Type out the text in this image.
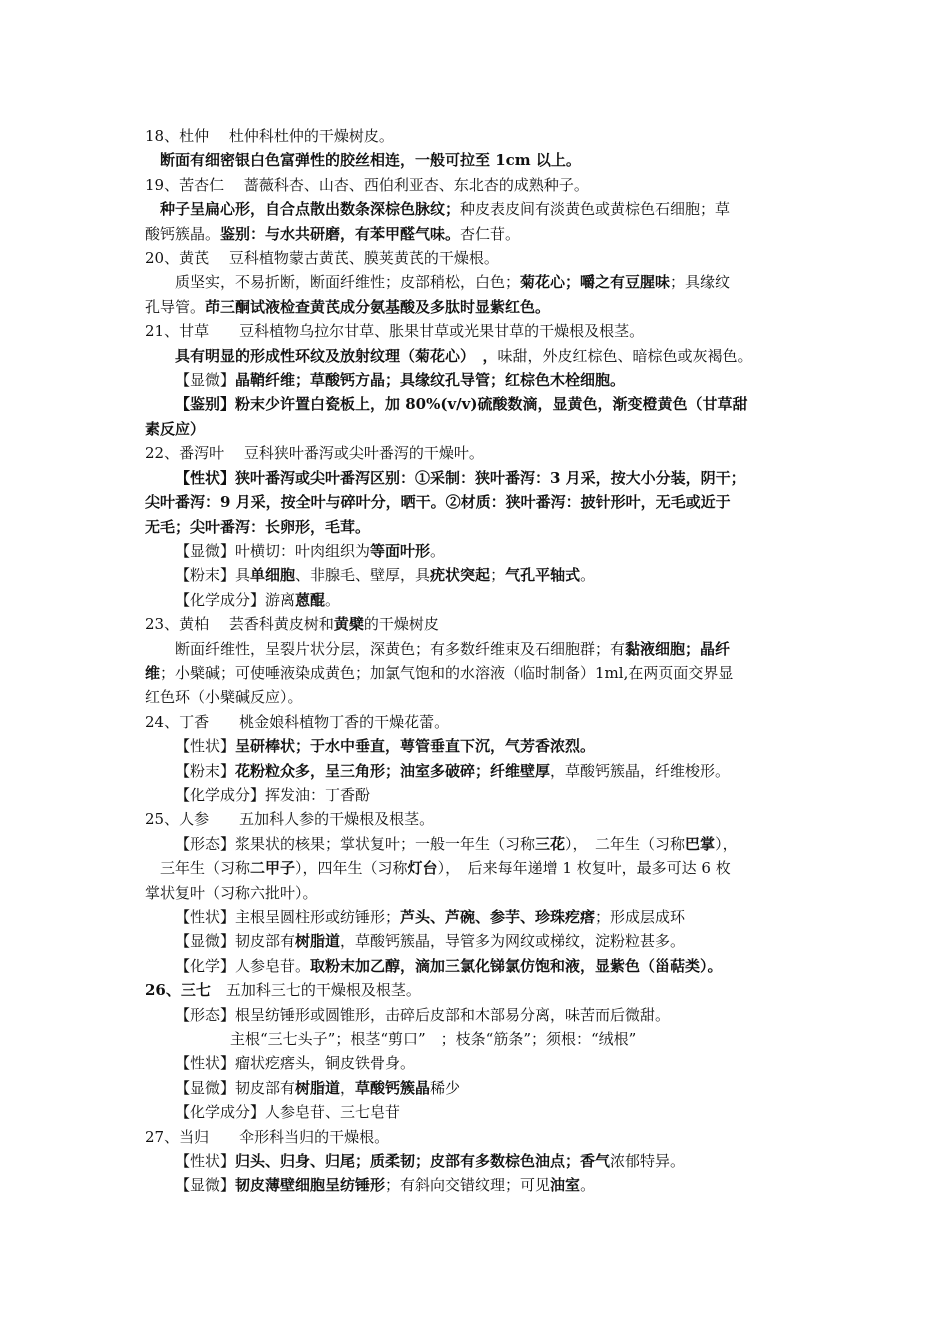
18、杜仲　 杜仲科杜仲的干燥树皮。
断面有细密银白色富弹性的胶丝相连，一般可拉至 1cm 以上。
19、苦杏仁　 蔷薇科杏、山杏、西伯利亚杏、东北杏的成熟种子。
种子呈扁心形，自合点散出数条深棕色脉纹；种皮表皮间有淡黄色或黄棕色石细胞；草
酸钙簇晶。鉴别：与水共研磨，有苯甲醛气味。杏仁苷。
20、黄芪　 豆科植物蒙古黄芪、膜荚黄芪的干燥根。
质坚实，不易折断，断面纤维性；皮部稍松，白色；菊花心；嚼之有豆腥味；具缘纹
孔导管。茚三酮试液检查黄芪成分氨基酸及多肽时显紫红色。
21、甘草　　豆科植物乌拉尔甘草、胀果甘草或光果甘草的干燥根及根茎。
具有明显的形成性环纹及放射纹理（菊花心）　，味甜，外皮红棕色、暗棕色或灰褐色。
【显微】晶鞘纤维；草酸钙方晶；具缘纹孔导管；红棕色木栓细胞。
【鉴别】粉末少许置白瓷板上，加 80%(v/v)硫酸数滴，显黄色，渐变橙黄色（甘草甜
素反应）
22、番泻叶　 豆科狭叶番泻或尖叶番泻的干燥叶。
【性状】狭叶番泻或尖叶番泻区别：①采制：狭叶番泻：3 月采，按大小分装，阴干；
尖叶番泻：9 月采，按全叶与碎叶分，晒干。②材质：狭叶番泻：披针形叶，无毛或近于
无毛；尖叶番泻：长卵形，毛茸。
【显微】叶横切：叶肉组织为等面叶形。
【粉末】具单细胞、非腺毛、壁厚，具疣状突起；气孔平轴式。
【化学成分】游离蒽醌。
23、黄柏　 芸香科黄皮树和黄檗的干燥树皮
断面纤维性，呈裂片状分层，深黄色；有多数纤维束及石细胞群；有黏液细胞；晶纤
维；小檗碱；可使唾液染成黄色；加氯气饱和的水溶液（临时制备）1ml,在两页面交界显
红色环（小檗碱反应）。
24、丁香　　桃金娘科植物丁香的干燥花蕾。
【性状】呈研棒状；于水中垂直，萼管垂直下沉，气芳香浓烈。
【粉末】花粉粒众多，呈三角形；油室多破碎；纤维壁厚，草酸钙簇晶，纤维梭形。
【化学成分】挥发油：丁香酚
25、人参　　五加科人参的干燥根及根茎。
【形态】浆果状的核果；掌状复叶；一般一年生（习称三花），　二年生（习称巴掌），
　三年生（习称二甲子），四年生（习称灯台），　后来每年递增 1 枚复叶，最多可达 6 枚
掌状复叶（习称六批叶）。
【性状】主根呈圆柱形或纺锤形；芦头、芦碗、参芋、珍珠疙瘩；形成层成环
【显微】韧皮部有树脂道，草酸钙簇晶，导管多为网纹或梯纹，淀粉粒甚多。
【化学】人参皂苷。取粉末加乙醇，滴加三氯化锑氯仿饱和液，显紫色（甾萜类）。
26、三七　五加科三七的干燥根及根茎。
【形态】根呈纺锤形或圆锥形，击碎后皮部和木部易分离，味苦而后微甜。
主根“三七头子”；根茎“剪口”　；枝条“筋条”；须根：“绒根”
【性状】瘤状疙瘩头，铜皮铁骨身。
【显微】韧皮部有树脂道，草酸钙簇晶稀少
【化学成分】人参皂苷、三七皂苷
27、当归　　伞形科当归的干燥根。
【性状】归头、归身、归尾；质柔韧；皮部有多数棕色油点；香气浓郁特异。
【显微】韧皮薄壁细胞呈纺锤形；有斜向交错纹理；可见油室。
